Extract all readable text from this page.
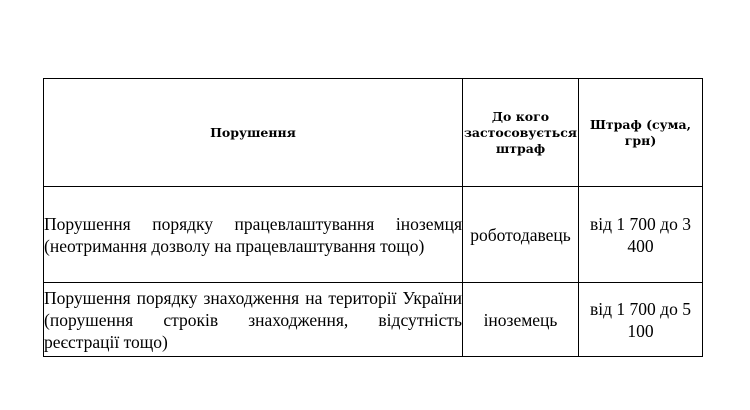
Порушення	До кого застосовується штраф	Штраф (сума, грн)

Порушення порядку працевлаштування іноземця (неотримання дозволу на працевлаштування тощо)	роботодавець	від 1 700 до 3 400

Порушення порядку знаходження на території України (порушення строків знаходження, відсутність реєстрації тощо)	іноземець	від 1 700 до 5 100
